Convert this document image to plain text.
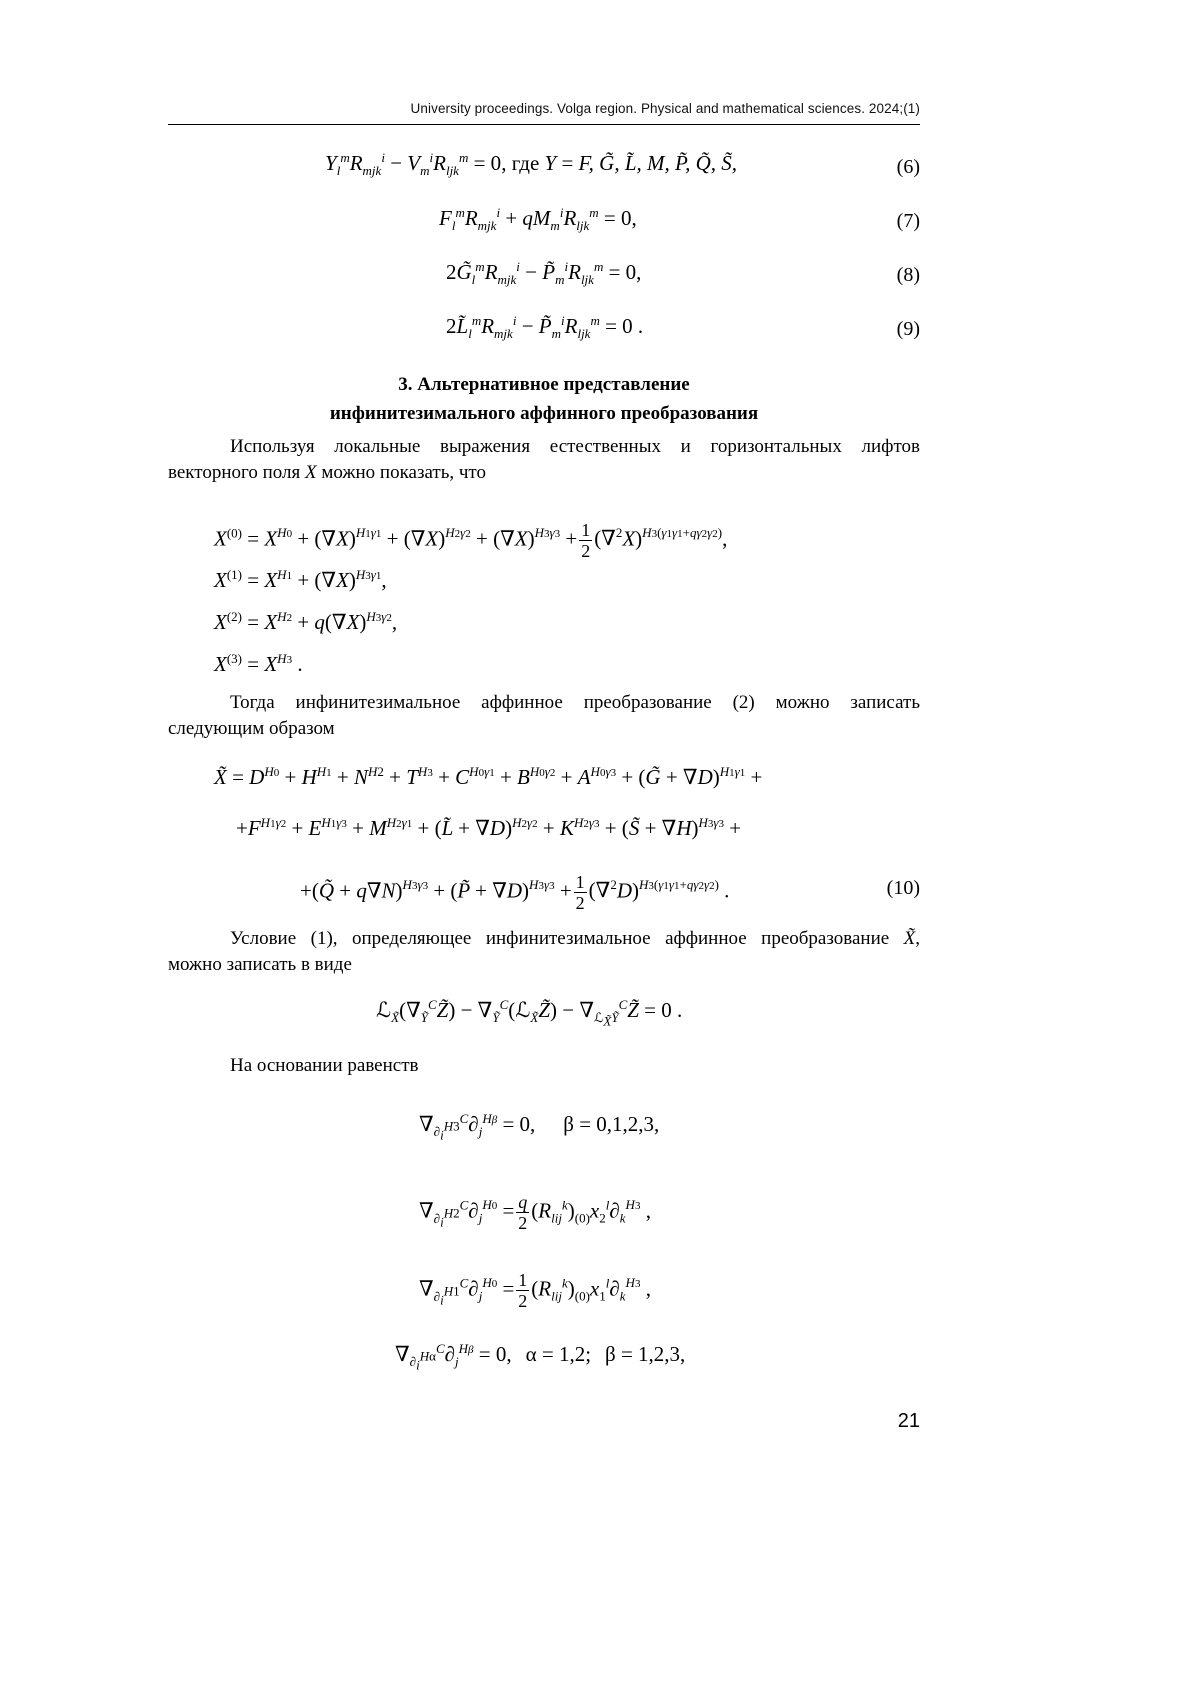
University proceedings. Volga region. Physical and mathematical sciences. 2024;(1)
$Y_l^mR_{mjk}^i - V_m^iR_{ljk}^m = 0$, где Y = F, G̃, L̃, M, P̃, Q̃, S̃,	(6)
$F_l^mR_{mjk}^i + qM_m^iR_{ljk}^m = 0$,	(7)
$2G̃_l^mR_{mjk}^i$ − $P̃_m^iR_{ljk}^m = 0$,	(8)
$2L̃_l^mR_{mjk}^i$ − $P̃_m^iR_{ljk}^m = 0$ .	(9)
3. Альтернативное представление
инфинитезимального аффинного преобразования
Используя локальные выражения естественных и горизонтальных лифтов векторного поля X можно показать, что
$X^{(0)} = X^{H0} + (\nabla X)^{H1\gamma 1} + (\nabla X)^{H2\gamma 2} + (\nabla X)^{H3\gamma 3} + \frac{1}{2} (\nabla^2X)^{H3(\gamma 1\gamma 1+q\gamma 2\gamma 2)}$,
$X^{(1)} = X^{H1} + (\nabla X)^{H3\gamma 1}$,
$X^{(2)} = X^{H2} + q(\nabla X)^{H3\gamma 2}$,
$X^{(3)} = X^{H3}$ .
Тогда инфинитезимальное аффинное преобразование (2) можно записать следующим образом
X̃ = $D^{H0} + H^{H1} + N^{H2} + T^{H3} + C^{H0\gamma 1} + B^{H0\gamma 2} + A^{H0\gamma 3}$ + (G̃ + ∇D)$^{H1\gamma 1}$ +
$+F^{H1\gamma 2} + E^{H1\gamma 3} + M^{H2\gamma 1}$ + (L̃ + $\nabla D)^{H2\gamma 2} + K^{H2\gamma 3}$ + (S̃ + ∇H)$^{H3\gamma 3}$ +
+(Q̃ + q∇N)$^{H3\gamma 3}$ + (P̃ + $\nabla D)^{H3\gamma 3} + \frac{1}{2} (\nabla^2D)^{H3(\gamma 1\gamma 1+q\gamma 2\gamma 2)}$ .	(10)
Условие (1), определяющее инфинитезимальное аффинное преобразование X̃, можно записать в виде
$ℒ_{X̃}(\nabla_Ỹ^CZ̃)$ − $\nabla_Ỹ^C(ℒ_{X̃}Z̃)$ − $\nabla_{ℒ_{X̃}Ỹ}^CZ̃ = 0$ .
На основании равенств
$\nabla_{\partial_i^{H3}}^C\partial_j^{H\beta} = 0$, β = 0,1,2,3,
$\nabla_{\partial_i^{H2}}^C\partial_j^{H0} = \frac{q}{2} (R_{lij}^k)_{(0)}x_2^l\partial_k^{H3}$ ,
$\nabla_{\partial_i^{H1}}^C\partial_j^{H0} = \frac{1}{2} (R_{lij}^k)_{(0)}x_1^l\partial_k^{H3}$ ,
$\nabla_{\partial_i^{H\alpha}}^C\partial_j^{H\beta} = 0$, α = 1,2; β = 1,2,3,
21
